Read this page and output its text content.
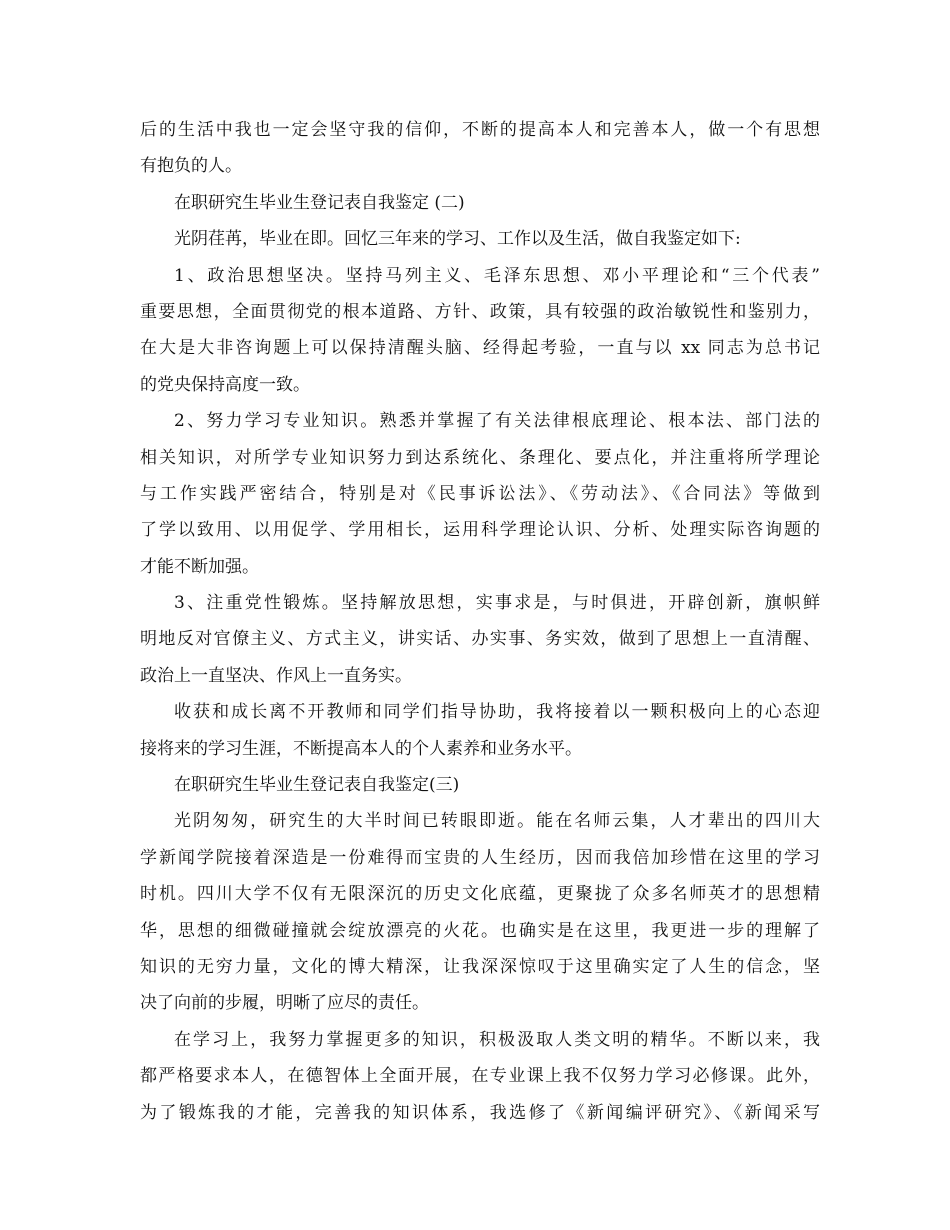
后的生活中我也一定会坚守我的信仰，不断的提高本人和完善本人，做一个有思想
有抱负的人。
在职研究生毕业生登记表自我鉴定 (二)
光阴荏苒，毕业在即。回忆三年来的学习、工作以及生活，做自我鉴定如下:
1、政治思想坚决。坚持马列主义、毛泽东思想、邓小平理论和“三个代表”
重要思想，全面贯彻党的根本道路、方针、政策，具有较强的政治敏锐性和鉴别力，
在大是大非咨询题上可以保持清醒头脑、经得起考验，一直与以 xx 同志为总书记
的党央保持高度一致。
2、努力学习专业知识。熟悉并掌握了有关法律根底理论、根本法、部门法的
相关知识，对所学专业知识努力到达系统化、条理化、要点化，并注重将所学理论
与工作实践严密结合，特别是对《民事诉讼法》、《劳动法》、《合同法》等做到
了学以致用、以用促学、学用相长，运用科学理论认识、分析、处理实际咨询题的
才能不断加强。
3、注重党性锻炼。坚持解放思想，实事求是，与时俱进，开辟创新，旗帜鲜
明地反对官僚主义、方式主义，讲实话、办实事、务实效，做到了思想上一直清醒、
政治上一直坚决、作风上一直务实。
收获和成长离不开教师和同学们指导协助，我将接着以一颗积极向上的心态迎
接将来的学习生涯，不断提高本人的个人素养和业务水平。
在职研究生毕业生登记表自我鉴定(三)
光阴匆匆，研究生的大半时间已转眼即逝。能在名师云集，人才辈出的四川大
学新闻学院接着深造是一份难得而宝贵的人生经历，因而我倍加珍惜在这里的学习
时机。四川大学不仅有无限深沉的历史文化底蕴，更聚拢了众多名师英才的思想精
华，思想的细微碰撞就会绽放漂亮的火花。也确实是在这里，我更进一步的理解了
知识的无穷力量，文化的博大精深，让我深深惊叹于这里确实定了人生的信念，坚
决了向前的步履，明晰了应尽的责任。
在学习上，我努力掌握更多的知识，积极汲取人类文明的精华。不断以来，我
都严格要求本人，在德智体上全面开展，在专业课上我不仅努力学习必修课。此外，
为了锻炼我的才能，完善我的知识体系，我选修了《新闻编评研究》、《新闻采写
